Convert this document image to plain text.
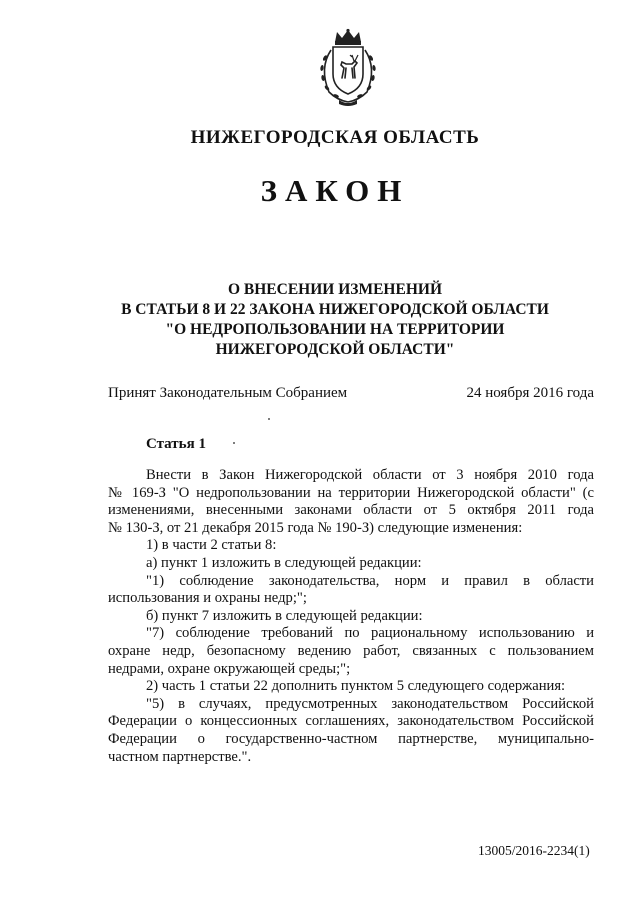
НИЖЕГОРОДСКАЯ ОБЛАСТЬ
ЗАКОН
О ВНЕСЕНИИ ИЗМЕНЕНИЙ
В СТАТЬИ 8 И 22 ЗАКОНА НИЖЕГОРОДСКОЙ ОБЛАСТИ
"О НЕДРОПОЛЬЗОВАНИИ НА ТЕРРИТОРИИ
НИЖЕГОРОДСКОЙ ОБЛАСТИ"
Принят Законодательным Собранием	24 ноября 2016 года
Статья 1

Внести в Закон Нижегородской области от 3 ноября 2010 года

№ 169-З "О недропользовании на территории Нижегородской области" (с

изменениями, внесенными законами области от 5 октября 2011 года

№ 130-З, от 21 декабря 2015 года № 190-З) следующие изменения:

1) в части 2 статьи 8:

а) пункт 1 изложить в следующей редакции:

"1) соблюдение законодательства, норм и правил в области

использования и охраны недр;";

б) пункт 7 изложить в следующей редакции:

"7) соблюдение требований по рациональному использованию и

охране недр, безопасному ведению работ, связанных с пользованием

недрами, охране окружающей среды;";

2) часть 1 статьи 22 дополнить пунктом 5 следующего содержания:

"5) в случаях, предусмотренных законодательством Российской

Федерации о концессионных соглашениях, законодательством Российской

Федерации о государственно-частном партнерстве, муниципально-

частном партнерстве.".

13005/2016-2234(1)
